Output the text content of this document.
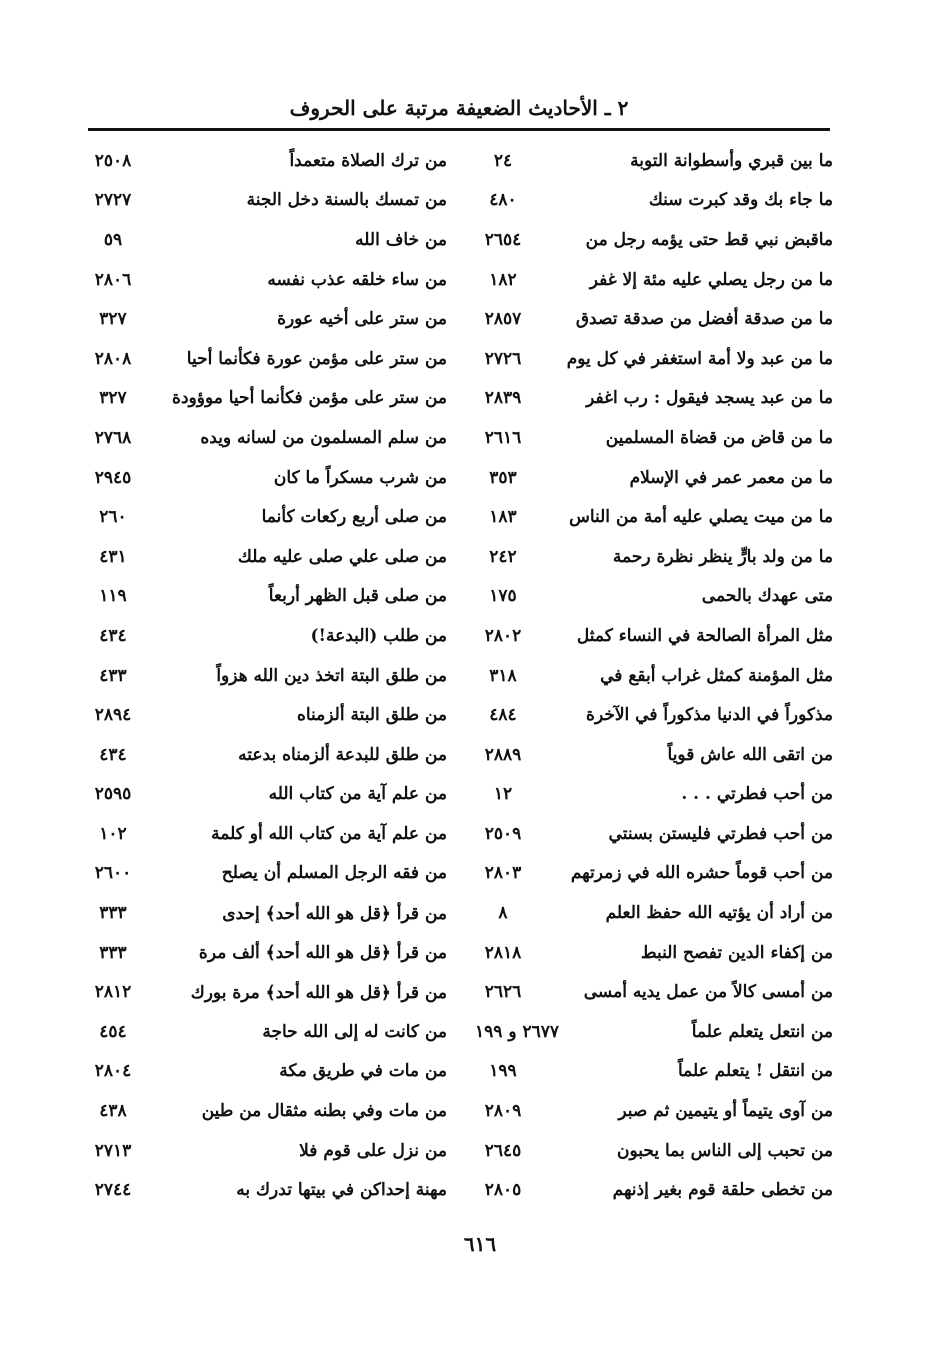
٢ ـ الأحاديث الضعيفة مرتبة على الحروف
ما بين قبري وأسطوانة التوبة
٢٤
ما جاء بك وقد كبرت سنك
٤٨٠
ماقبض نبي قط حتى يؤمه رجل من
٢٦٥٤
ما من رجل يصلي عليه مئة إلا غفر
١٨٢
ما من صدقة أفضل من صدقة تصدق
٢٨٥٧
ما من عبد ولا أمة استغفر في كل يوم
٢٧٢٦
ما من عبد يسجد فيقول : رب اغفر
٢٨٣٩
ما من قاض من قضاة المسلمين
٢٦١٦
ما من معمر عمر في الإسلام
٣٥٣
ما من ميت يصلي عليه أمة من الناس
١٨٣
ما من ولد بارٍّ ينظر نظرة رحمة
٢٤٢
متى عهدك بالحمى
١٧٥
مثل المرأة الصالحة في النساء كمثل
٢٨٠٢
مثل المؤمنة كمثل غراب أبقع في
٣١٨
مذكوراً في الدنيا مذكوراً في الآخرة
٤٨٤
من اتقى الله عاش قوياً
٢٨٨٩
من أحب فطرتي . . .
١٢
من أحب فطرتي فليستن بسنتي
٢٥٠٩
من أحب قوماً حشره الله في زمرتهم
٢٨٠٣
من أراد أن يؤتيه الله حفظ العلم
٨
من إكفاء الدين تفصح النبط
٢٨١٨
من أمسى كالاً من عمل يديه أمسى
٢٦٢٦
من انتعل يتعلم علماً
٢٦٧٧ و ١٩٩
من انتقل ! يتعلم علماً
١٩٩
من آوى يتيماً أو يتيمين ثم صبر
٢٨٠٩
من تحبب إلى الناس بما يحبون
٢٦٤٥
من تخطى حلقة قوم بغير إذنهم
٢٨٠٥
من ترك الصلاة متعمداً
٢٥٠٨
من تمسك بالسنة دخل الجنة
٢٧٢٧
من خاف الله
٥٩
من ساء خلقه عذب نفسه
٢٨٠٦
من ستر على أخيه عورة
٣٢٧
من ستر على مؤمن عورة فكأنما أحيا
٢٨٠٨
من ستر على مؤمن فكأنما أحيا موؤودة
٣٢٧
من سلم المسلمون من لسانه ويده
٢٧٦٨
من شرب مسكراً ما كان
٢٩٤٥
من صلى أربع ركعات كأنما
٢٦٠
من صلى علي صلى عليه ملك
٤٣١
من صلى قبل الظهر أربعاً
١١٩
من طلب (البدعة!)
٤٣٤
من طلق البتة اتخذ دين الله هزواً
٤٣٣
من طلق البتة ألزمناه
٢٨٩٤
من طلق للبدعة ألزمناه بدعته
٤٣٤
من علم آية من كتاب الله
٢٥٩٥
من علم آية من كتاب الله أو كلمة
١٠٢
من فقه الرجل المسلم أن يصلح
٢٦٠٠
من قرأ ﴿قل هو الله أحد﴾ إحدى
٣٣٣
من قرأ ﴿قل هو الله أحد﴾ ألف مرة
٣٣٣
من قرأ ﴿قل هو الله أحد﴾ مرة بورك
٢٨١٢
من كانت له إلى الله حاجة
٤٥٤
من مات في طريق مكة
٢٨٠٤
من مات وفي بطنه مثقال من طين
٤٣٨
من نزل على قوم فلا
٢٧١٣
مهنة إحداكن في بيتها تدرك به
٢٧٤٤
٦١٦
